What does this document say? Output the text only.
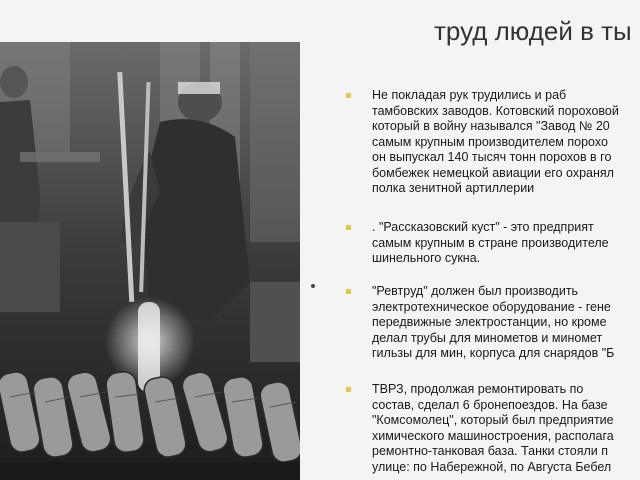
труд людей в ты
Не покладая рук трудились и раб
тамбовских заводов. Котовский пороховой
который в войну назывался "Завод № 20
самым крупным производителем порохо
он выпускал 140 тысяч тонн порохов в го
бомбежек немецкой авиации его охранял
полка зенитной артиллерии
. "Рассказовский куст" - это предприят
самым крупным в стране производителе
шинельного сукна.
"Ревтруд" должен был производить
электротехническое оборудование - гене
передвижные электростанции, но кроме
делал трубы для минометов и миномет
гильзы для мин, корпуса для снарядов "Б
ТВРЗ, продолжая ремонтировать по
состав, сделал 6 бронепоездов. На базе
"Комсомолец", который был предприятие
химического машиностроения, располага
ремонтно-танковая база. Танки стояли п
улице: по Набережной, по Августа Бебел
